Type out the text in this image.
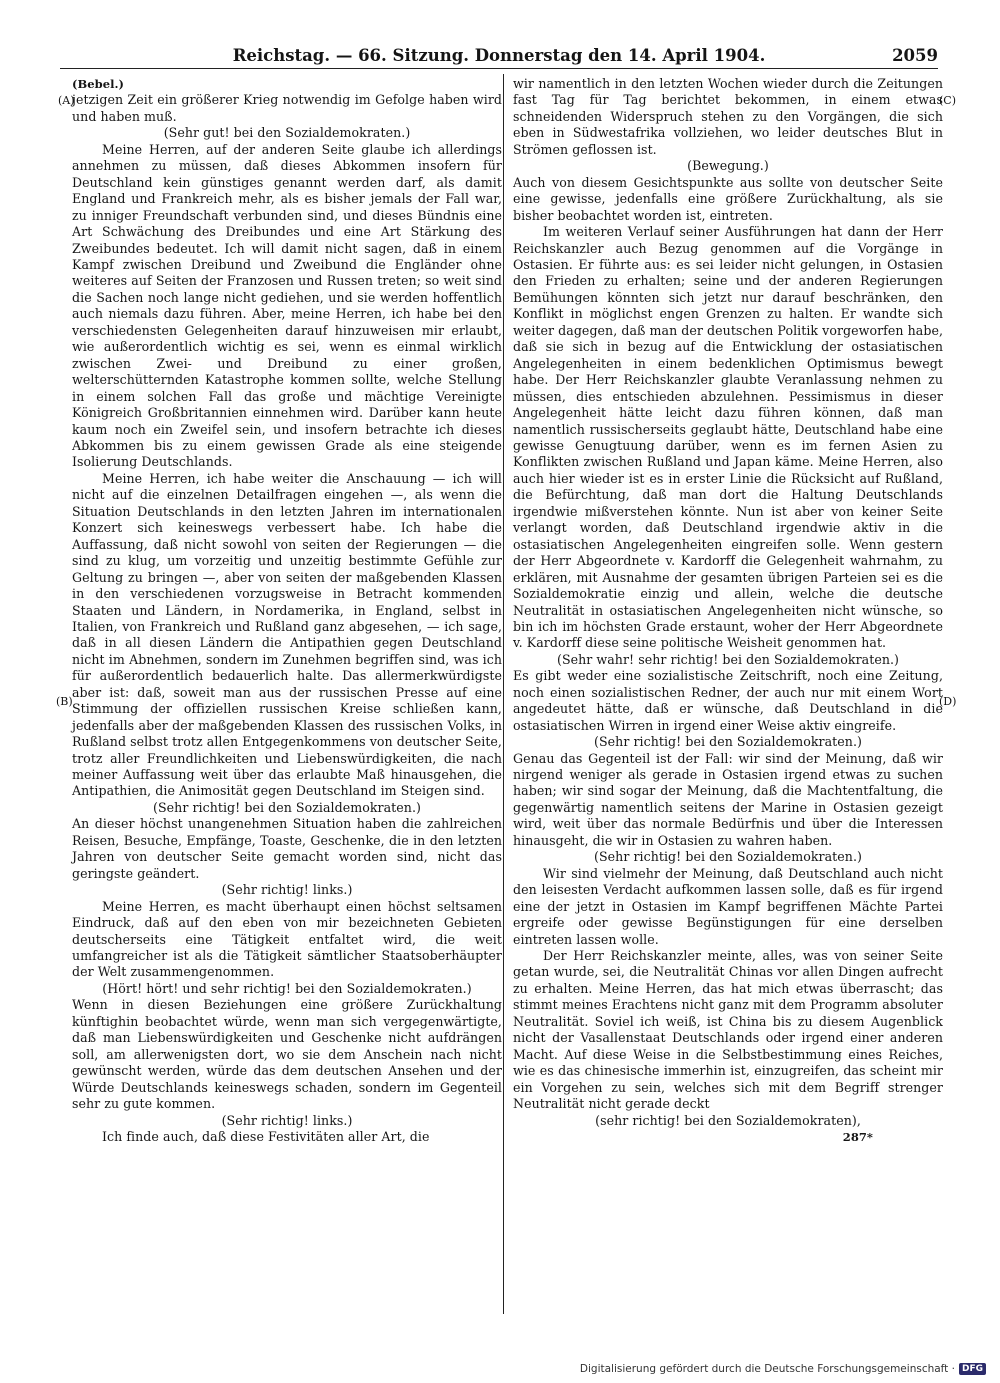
Reichstag. — 66. Sitzung. Donnerstag den 14. April 1904.	2059
(A)
(B)
(C)
(D)

(Bebel.)

jetzigen Zeit ein größerer Krieg notwendig im Gefolge haben wird und haben muß.

(Sehr gut! bei den Sozialdemokraten.)

Meine Herren, auf der anderen Seite glaube ich allerdings annehmen zu müssen, daß dieses Abkommen insofern für Deutschland kein günstiges genannt werden darf, als damit England und Frankreich mehr, als es bisher jemals der Fall war, zu inniger Freundschaft verbunden sind, und dieses Bündnis eine Art Schwächung des Dreibundes und eine Art Stärkung des Zweibundes bedeutet. Ich will damit nicht sagen, daß in einem Kampf zwischen Dreibund und Zweibund die Engländer ohne weiteres auf Seiten der Franzosen und Russen treten; so weit sind die Sachen noch lange nicht gediehen, und sie werden hoffentlich auch niemals dazu führen. Aber, meine Herren, ich habe bei den verschiedensten Gelegenheiten darauf hinzuweisen mir erlaubt, wie außerordentlich wichtig es sei, wenn es einmal wirklich zwischen Zwei- und Dreibund zu einer großen, welterschütternden Katastrophe kommen sollte, welche Stellung in einem solchen Fall das große und mächtige Vereinigte Königreich Großbritannien einnehmen wird. Darüber kann heute kaum noch ein Zweifel sein, und insofern betrachte ich dieses Abkommen bis zu einem gewissen Grade als eine steigende Isolierung Deutschlands.

Meine Herren, ich habe weiter die Anschauung — ich will nicht auf die einzelnen Detailfragen eingehen —, als wenn die Situation Deutschlands in den letzten Jahren im internationalen Konzert sich keineswegs verbessert habe. Ich habe die Auffassung, daß nicht sowohl von seiten der Regierungen — die sind zu klug, um vorzeitig und unzeitig bestimmte Gefühle zur Geltung zu bringen —, aber von seiten der maßgebenden Klassen in den verschiedenen vorzugsweise in Betracht kommenden Staaten und Ländern, in Nordamerika, in England, selbst in Italien, von Frankreich und Rußland ganz abgesehen, — ich sage, daß in all diesen Ländern die Antipathien gegen Deutschland nicht im Abnehmen, sondern im Zunehmen begriffen sind, was ich für außerordentlich bedauerlich halte. Das allermerkwürdigste aber ist: daß, soweit man aus der russischen Presse auf eine Stimmung der offiziellen russischen Kreise schließen kann, jedenfalls aber der maßgebenden Klassen des russischen Volks, in Rußland selbst trotz allen Entgegenkommens von deutscher Seite, trotz aller Freundlichkeiten und Liebenswürdigkeiten, die nach meiner Auffassung weit über das erlaubte Maß hinausgehen, die Antipathien, die Animosität gegen Deutschland im Steigen sind.

(Sehr richtig! bei den Sozialdemokraten.)

An dieser höchst unangenehmen Situation haben die zahlreichen Reisen, Besuche, Empfänge, Toaste, Geschenke, die in den letzten Jahren von deutscher Seite gemacht worden sind, nicht das geringste geändert.

(Sehr richtig! links.)

Meine Herren, es macht überhaupt einen höchst seltsamen Eindruck, daß auf den eben von mir bezeichneten Gebieten deutscherseits eine Tätigkeit entfaltet wird, die weit umfangreicher ist als die Tätigkeit sämtlicher Staatsoberhäupter der Welt zusammengenommen.

(Hört! hört! und sehr richtig! bei den Sozialdemokraten.)

Wenn in diesen Beziehungen eine größere Zurückhaltung künftighin beobachtet würde, wenn man sich vergegenwärtigte, daß man Liebenswürdigkeiten und Geschenke nicht aufdrängen soll, am allerwenigsten dort, wo sie dem Anschein nach nicht gewünscht werden, würde das dem deutschen Ansehen und der Würde Deutschlands keineswegs schaden, sondern im Gegenteil sehr zu gute kommen.

(Sehr richtig! links.)

Ich finde auch, daß diese Festivitäten aller Art, die

wir namentlich in den letzten Wochen wieder durch die Zeitungen fast Tag für Tag berichtet bekommen, in einem etwas schneidenden Widerspruch stehen zu den Vorgängen, die sich eben in Südwestafrika vollziehen, wo leider deutsches Blut in Strömen geflossen ist.

(Bewegung.)

Auch von diesem Gesichtspunkte aus sollte von deutscher Seite eine gewisse, jedenfalls eine größere Zurückhaltung, als sie bisher beobachtet worden ist, eintreten.

Im weiteren Verlauf seiner Ausführungen hat dann der Herr Reichskanzler auch Bezug genommen auf die Vorgänge in Ostasien. Er führte aus: es sei leider nicht gelungen, in Ostasien den Frieden zu erhalten; seine und der anderen Regierungen Bemühungen könnten sich jetzt nur darauf beschränken, den Konflikt in möglichst engen Grenzen zu halten. Er wandte sich weiter dagegen, daß man der deutschen Politik vorgeworfen habe, daß sie sich in bezug auf die Entwicklung der ostasiatischen Angelegenheiten in einem bedenklichen Optimismus bewegt habe. Der Herr Reichskanzler glaubte Veranlassung nehmen zu müssen, dies entschieden abzulehnen. Pessimismus in dieser Angelegenheit hätte leicht dazu führen können, daß man namentlich russischerseits geglaubt hätte, Deutschland habe eine gewisse Genugtuung darüber, wenn es im fernen Asien zu Konflikten zwischen Rußland und Japan käme. Meine Herren, also auch hier wieder ist es in erster Linie die Rücksicht auf Rußland, die Befürchtung, daß man dort die Haltung Deutschlands irgendwie mißverstehen könnte. Nun ist aber von keiner Seite verlangt worden, daß Deutschland irgendwie aktiv in die ostasiatischen Angelegenheiten eingreifen solle. Wenn gestern der Herr Abgeordnete v. Kardorff die Gelegenheit wahrnahm, zu erklären, mit Ausnahme der gesamten übrigen Parteien sei es die Sozialdemokratie einzig und allein, welche die deutsche Neutralität in ostasiatischen Angelegenheiten nicht wünsche, so bin ich im höchsten Grade erstaunt, woher der Herr Abgeordnete v. Kardorff diese seine politische Weisheit genommen hat.

(Sehr wahr! sehr richtig! bei den Sozialdemokraten.)

Es gibt weder eine sozialistische Zeitschrift, noch eine Zeitung, noch einen sozialistischen Redner, der auch nur mit einem Wort angedeutet hätte, daß er wünsche, daß Deutschland in die ostasiatischen Wirren in irgend einer Weise aktiv eingreife.

(Sehr richtig! bei den Sozialdemokraten.)

Genau das Gegenteil ist der Fall: wir sind der Meinung, daß wir nirgend weniger als gerade in Ostasien irgend etwas zu suchen haben; wir sind sogar der Meinung, daß die Machtentfaltung, die gegenwärtig namentlich seitens der Marine in Ostasien gezeigt wird, weit über das normale Bedürfnis und über die Interessen hinausgeht, die wir in Ostasien zu wahren haben.

(Sehr richtig! bei den Sozialdemokraten.)

Wir sind vielmehr der Meinung, daß Deutschland auch nicht den leisesten Verdacht aufkommen lassen solle, daß es für irgend eine der jetzt in Ostasien im Kampf begriffenen Mächte Partei ergreife oder gewisse Begünstigungen für eine derselben eintreten lassen wolle.

Der Herr Reichskanzler meinte, alles, was von seiner Seite getan wurde, sei, die Neutralität Chinas vor allen Dingen aufrecht zu erhalten. Meine Herren, das hat mich etwas überrascht; das stimmt meines Erachtens nicht ganz mit dem Programm absoluter Neutralität. Soviel ich weiß, ist China bis zu diesem Augenblick nicht der Vasallenstaat Deutschlands oder irgend einer anderen Macht. Auf diese Weise in die Selbstbestimmung eines Reiches, wie es das chinesische immerhin ist, einzugreifen, das scheint mir ein Vorgehen zu sein, welches sich mit dem Begriff strenger Neutralität nicht gerade deckt

(sehr richtig! bei den Sozialdemokraten),

287*

Digitalisierung gefördert durch die Deutsche Forschungsgemeinschaft · DFG
